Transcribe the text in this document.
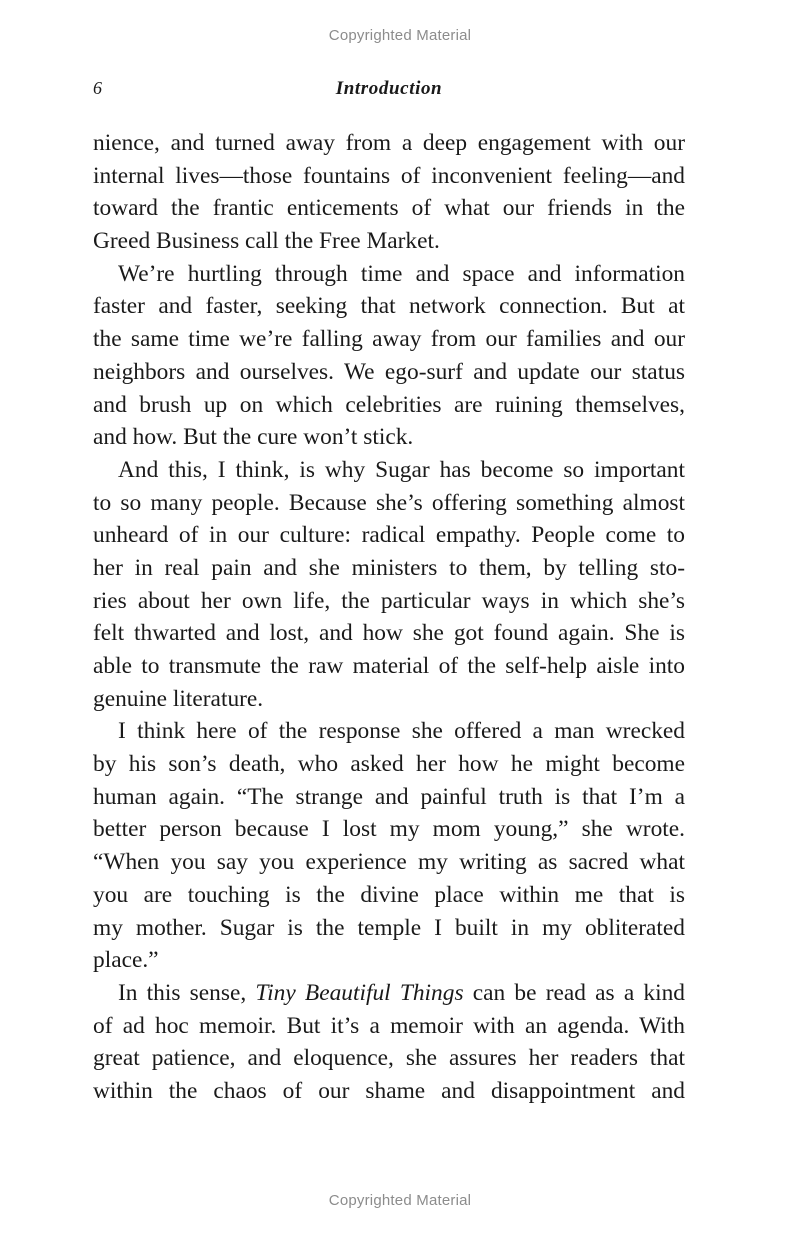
Copyrighted Material
6	Introduction
nience, and turned away from a deep engagement with our
internal lives—those fountains of inconvenient feeling—and
toward the frantic enticements of what our friends in the
Greed Business call the Free Market.
We’re hurtling through time and space and information
faster and faster, seeking that network connection. But at
the same time we’re falling away from our families and our
neighbors and ourselves. We ego-surf and update our status
and brush up on which celebrities are ruining themselves,
and how. But the cure won’t stick.
And this, I think, is why Sugar has become so important
to so many people. Because she’s offering something almost
unheard of in our culture: radical empathy. People come to
her in real pain and she ministers to them, by telling sto-
ries about her own life, the particular ways in which she’s
felt thwarted and lost, and how she got found again. She is
able to transmute the raw material of the self-help aisle into
genuine literature.
I think here of the response she offered a man wrecked
by his son’s death, who asked her how he might become
human again. “The strange and painful truth is that I’m a
better person because I lost my mom young,” she wrote.
“When you say you experience my writing as sacred what
you are touching is the divine place within me that is
my mother. Sugar is the temple I built in my obliterated
place.”
In this sense, Tiny Beautiful Things can be read as a kind
of ad hoc memoir. But it’s a memoir with an agenda. With
great patience, and eloquence, she assures her readers that
within the chaos of our shame and disappointment and
Copyrighted Material
